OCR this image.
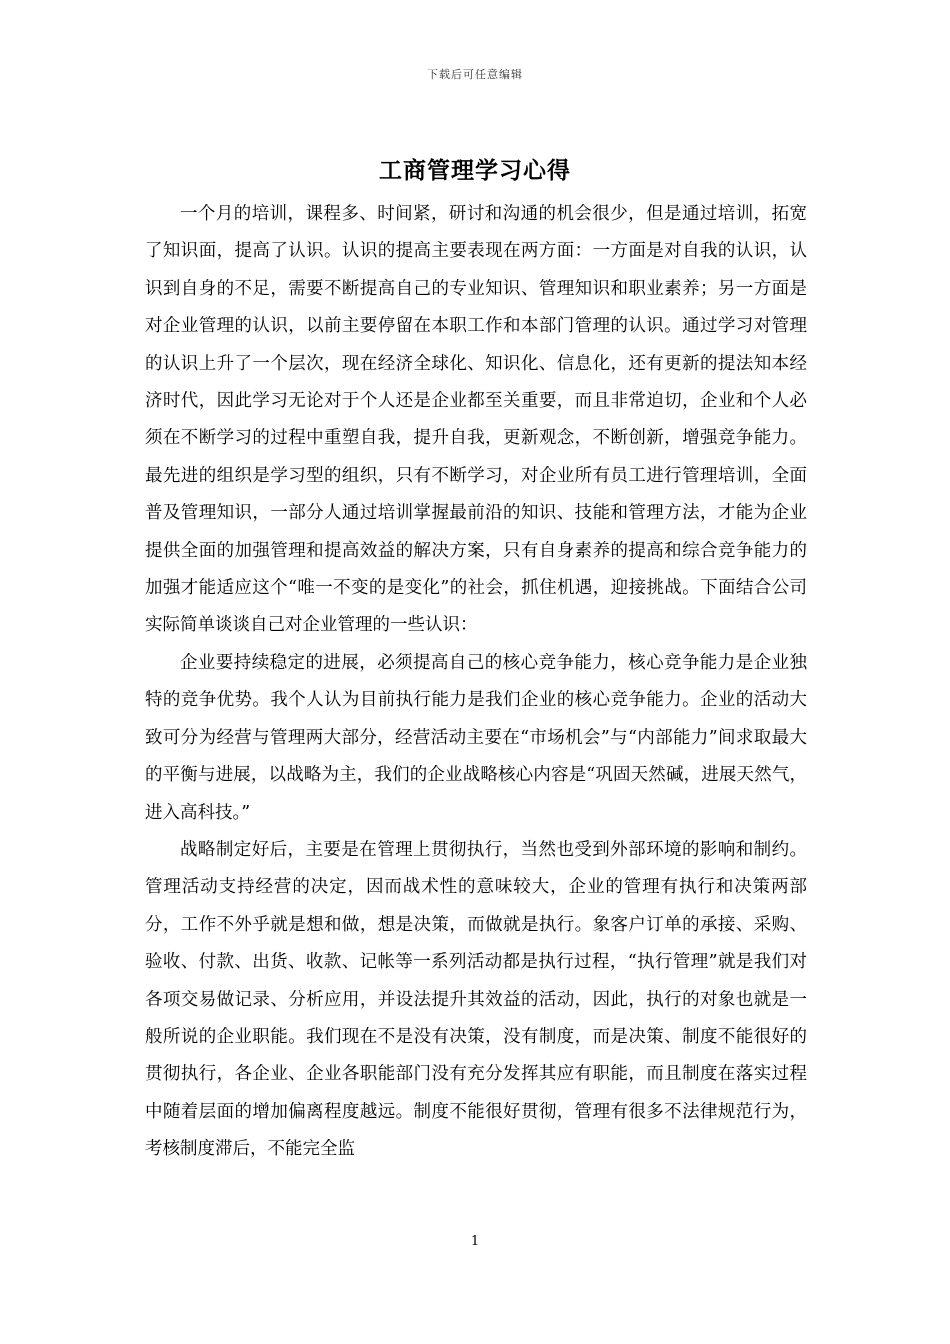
下载后可任意编辑
工商管理学习心得

一个月的培训，课程多、时间紧，研讨和沟通的机会很少，但是通过培训，拓宽了知识面，提高了认识。认识的提高主要表现在两方面：一方面是对自我的认识，认识到自身的不足，需要不断提高自己的专业知识、管理知识和职业素养；另一方面是对企业管理的认识，以前主要停留在本职工作和本部门管理的认识。通过学习对管理的认识上升了一个层次，现在经济全球化、知识化、信息化，还有更新的提法知本经济时代，因此学习无论对于个人还是企业都至关重要，而且非常迫切，企业和个人必须在不断学习的过程中重塑自我，提升自我，更新观念，不断创新，增强竞争能力。最先进的组织是学习型的组织，只有不断学习，对企业所有员工进行管理培训，全面普及管理知识，一部分人通过培训掌握最前沿的知识、技能和管理方法，才能为企业提供全面的加强管理和提高效益的解决方案，只有自身素养的提高和综合竞争能力的加强才能适应这个“唯一不变的是变化”的社会，抓住机遇，迎接挑战。下面结合公司实际简单谈谈自己对企业管理的一些认识：

企业要持续稳定的进展，必须提高自己的核心竞争能力，核心竞争能力是企业独特的竞争优势。我个人认为目前执行能力是我们企业的核心竞争能力。企业的活动大致可分为经营与管理两大部分，经营活动主要在“市场机会”与“内部能力”间求取最大的平衡与进展，以战略为主，我们的企业战略核心内容是“巩固天然碱，进展天然气，进入高科技。”

战略制定好后，主要是在管理上贯彻执行，当然也受到外部环境的影响和制约。管理活动支持经营的决定，因而战术性的意味较大，企业的管理有执行和决策两部分，工作不外乎就是想和做，想是决策，而做就是执行。象客户订单的承接、采购、验收、付款、出货、收款、记帐等一系列活动都是执行过程，“执行管理”就是我们对各项交易做记录、分析应用，并设法提升其效益的活动，因此，执行的对象也就是一般所说的企业职能。我们现在不是没有决策，没有制度，而是决策、制度不能很好的贯彻执行，各企业、企业各职能部门没有充分发挥其应有职能，而且制度在落实过程中随着层面的增加偏离程度越远。制度不能很好贯彻，管理有很多不法律规范行为，考核制度滞后，不能完全监

1
